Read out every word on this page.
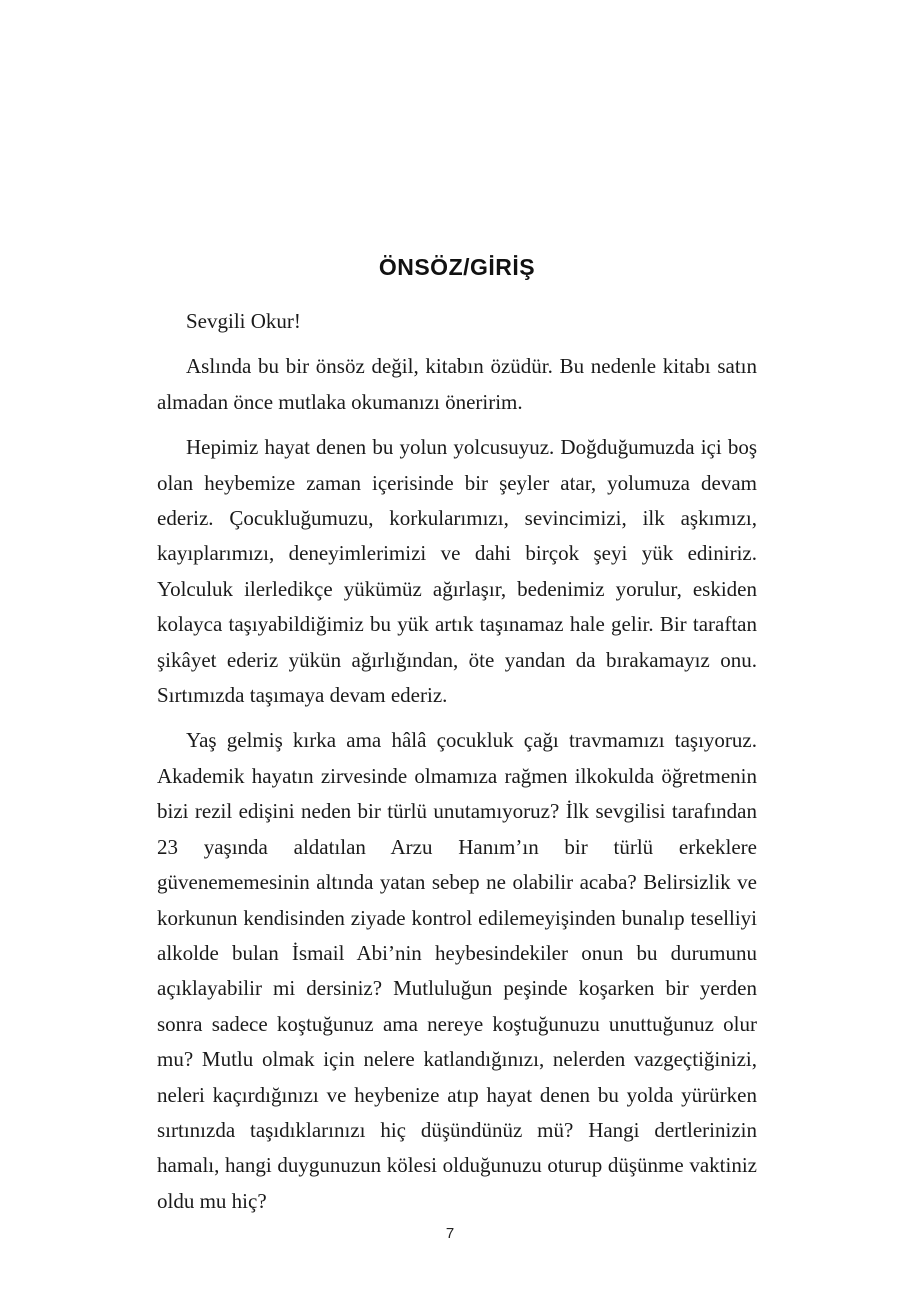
ÖNSÖZ/GİRİŞ

Sevgili Okur!

Aslında bu bir önsöz değil, kitabın özüdür. Bu nedenle kitabı satın almadan önce mutlaka okumanızı öneririm.

Hepimiz hayat denen bu yolun yolcusuyuz. Doğduğumuzda içi boş olan heybemize zaman içerisinde bir şeyler atar, yolumuza devam ederiz. Çocukluğumuzu, korkularımızı, sevincimizi, ilk aşkımızı, kayıplarımızı, deneyimlerimizi ve dahi birçok şeyi yük ediniriz. Yolculuk ilerledikçe yükümüz ağırlaşır, bedenimiz yorulur, eskiden kolayca taşıyabildiğimiz bu yük artık taşınamaz hale gelir. Bir taraftan şikâyet ederiz yükün ağırlığından, öte yandan da bırakamayız onu. Sırtımızda taşımaya devam ederiz.

Yaş gelmiş kırka ama hâlâ çocukluk çağı travmamızı taşıyoruz. Akademik hayatın zirvesinde olmamıza rağmen ilkokulda öğretmenin bizi rezil edişini neden bir türlü unutamıyoruz? İlk sevgilisi tarafından 23 yaşında aldatılan Arzu Hanım’ın bir türlü erkeklere güvenememesinin altında yatan sebep ne olabilir acaba? Belirsizlik ve korkunun kendisinden ziyade kontrol edilemeyişinden bunalıp teselliyi alkolde bulan İsmail Abi’nin heybesindekiler onun bu durumunu açıklayabilir mi dersiniz? Mutluluğun peşinde koşarken bir yerden sonra sadece koştuğunuz ama nereye koştuğunuzu unuttuğunuz olur mu? Mutlu olmak için nelere katlandığınızı, nelerden vazgeçtiğinizi, neleri kaçırdığınızı ve heybenize atıp hayat denen bu yolda yürürken sırtınızda taşıdıklarınızı hiç düşündünüz mü? Hangi dertlerinizin hamalı, hangi duygunuzun kölesi olduğunuzu oturup düşünme vaktiniz oldu mu hiç?

7
